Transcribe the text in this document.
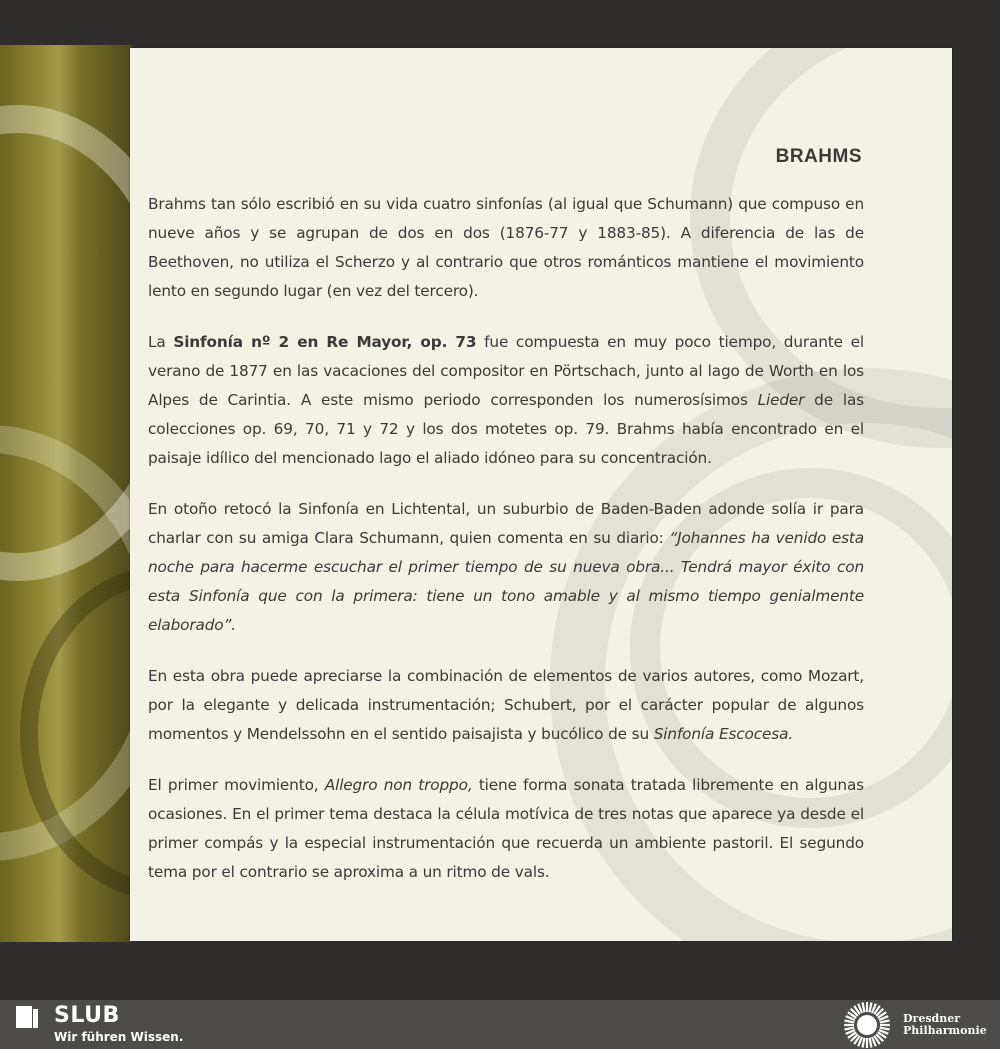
BRAHMS

Brahms tan sólo escribió en su vida cuatro sinfonías (al igual que Schumann) que compuso en nueve años y se agrupan de dos en dos (1876-77 y 1883-85). A diferencia de las de Beethoven, no utiliza el Scherzo y al contrario que otros románticos mantiene el movimiento lento en segundo lugar (en vez del tercero).

La Sinfonía nº 2 en Re Mayor, op. 73 fue compuesta en muy poco tiempo, durante el verano de 1877 en las vacaciones del compositor en Pörtschach, junto al lago de Worth en los Alpes de Carintia. A este mismo periodo corresponden los numerosísimos Lieder de las colecciones op. 69, 70, 71 y 72 y los dos motetes op. 79. Brahms había encontrado en el paisaje idílico del mencionado lago el aliado idóneo para su concentración.

En otoño retocó la Sinfonía en Lichtental, un suburbio de Baden-Baden adonde solía ir para charlar con su amiga Clara Schumann, quien comenta en su diario: “Johannes ha venido esta noche para hacerme escuchar el primer tiempo de su nueva obra... Tendrá mayor éxito con esta Sinfonía que con la primera: tiene un tono amable y al mismo tiempo genialmente elaborado”.

En esta obra puede apreciarse la combinación de elementos de varios autores, como Mozart, por la elegante y delicada instrumentación; Schubert, por el carácter popular de algunos momentos y Mendelssohn en el sentido paisajista y bucólico de su Sinfonía Escocesa.

El primer movimiento, Allegro non troppo, tiene forma sonata tratada libremente en algunas ocasiones. En el primer tema destaca la célula motívica de tres notas que aparece ya desde el primer compás y la especial instrumentación que recuerda un ambiente pastoril. El segundo tema por el contrario se aproxima a un ritmo de vals.

SLUB
Wir führen Wissen.
Dresdner
Philharmonie
